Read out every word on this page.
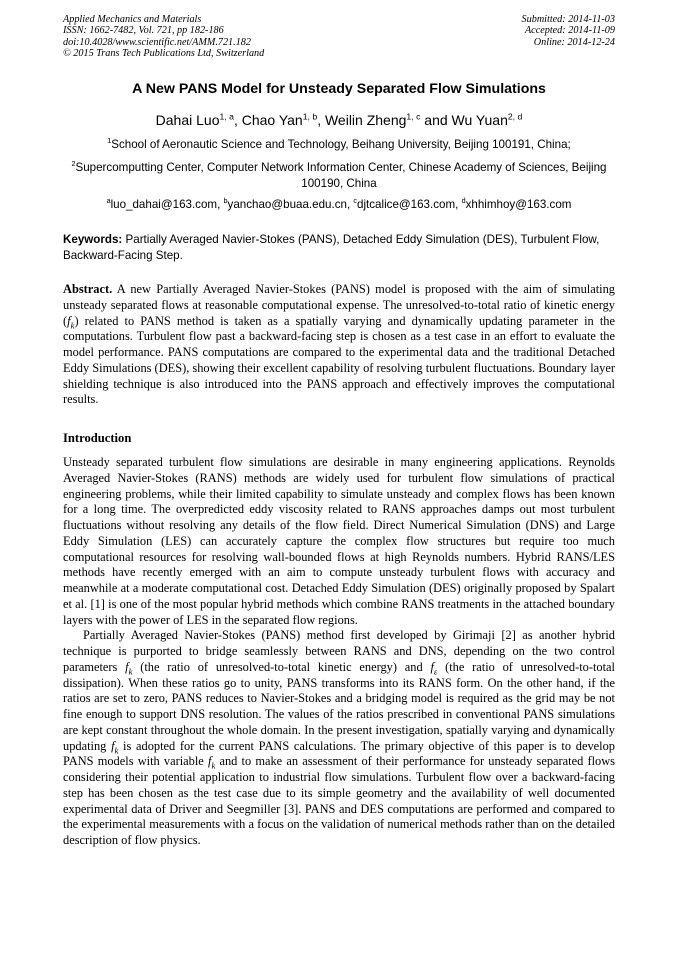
Applied Mechanics and Materials
ISSN: 1662-7482, Vol. 721, pp 182-186
doi:10.4028/www.scientific.net/AMM.721.182
© 2015 Trans Tech Publications Ltd, Switzerland
Submitted: 2014-11-03
Accepted: 2014-11-09
Online: 2014-12-24
A New PANS Model for Unsteady Separated Flow Simulations
Dahai Luo$^{1, a}$, Chao Yan$^{1, b}$, Weilin Zheng$^{1, c}$ and Wu Yuan$^{2, d}$
$^1$School of Aeronautic Science and Technology, Beihang University, Beijing 100191, China;
$^2$Supercomputting Center, Computer Network Information Center, Chinese Academy of Sciences, Beijing 100190, China
$^a$luo_dahai@163.com, $^b$yanchao@buaa.edu.cn, $^c$djtcalice@163.com, $^d$xhhimhoy@163.com
Keywords: Partially Averaged Navier-Stokes (PANS), Detached Eddy Simulation (DES), Turbulent Flow, Backward-Facing Step.
Abstract. A new Partially Averaged Navier-Stokes (PANS) model is proposed with the aim of simulating unsteady separated flows at reasonable computational expense. The unresolved-to-total ratio of kinetic energy $(f_k)$ related to PANS method is taken as a spatially varying and dynamically updating parameter in the computations. Turbulent flow past a backward-facing step is chosen as a test case in an effort to evaluate the model performance. PANS computations are compared to the experimental data and the traditional Detached Eddy Simulations (DES), showing their excellent capability of resolving turbulent fluctuations. Boundary layer shielding technique is also introduced into the PANS approach and effectively improves the computational results.
Introduction

Unsteady separated turbulent flow simulations are desirable in many engineering applications. Reynolds Averaged Navier-Stokes (RANS) methods are widely used for turbulent flow simulations of practical engineering problems, while their limited capability to simulate unsteady and complex flows has been known for a long time. The overpredicted eddy viscosity related to RANS approaches damps out most turbulent fluctuations without resolving any details of the flow field. Direct Numerical Simulation (DNS) and Large Eddy Simulation (LES) can accurately capture the complex flow structures but require too much computational resources for resolving wall-bounded flows at high Reynolds numbers. Hybrid RANS/LES methods have recently emerged with an aim to compute unsteady turbulent flows with accuracy and meanwhile at a moderate computational cost. Detached Eddy Simulation (DES) originally proposed by Spalart et al. [1] is one of the most popular hybrid methods which combine RANS treatments in the attached boundary layers with the power of LES in the separated flow regions.

Partially Averaged Navier-Stokes (PANS) method first developed by Girimaji [2] as another hybrid technique is purported to bridge seamlessly between RANS and DNS, depending on the two control parameters $f_k$ (the ratio of unresolved-to-total kinetic energy) and $f_\varepsilon$ (the ratio of unresolved-to-total dissipation). When these ratios go to unity, PANS transforms into its RANS form. On the other hand, if the ratios are set to zero, PANS reduces to Navier-Stokes and a bridging model is required as the grid may be not fine enough to support DNS resolution. The values of the ratios prescribed in conventional PANS simulations are kept constant throughout the whole domain. In the present investigation, spatially varying and dynamically updating $f_k$ is adopted for the current PANS calculations. The primary objective of this paper is to develop PANS models with variable $f_k$ and to make an assessment of their performance for unsteady separated flows considering their potential application to industrial flow simulations. Turbulent flow over a backward-facing step has been chosen as the test case due to its simple geometry and the availability of well documented experimental data of Driver and Seegmiller [3]. PANS and DES computations are performed and compared to the experimental measurements with a focus on the validation of numerical methods rather than on the detailed description of flow physics.
